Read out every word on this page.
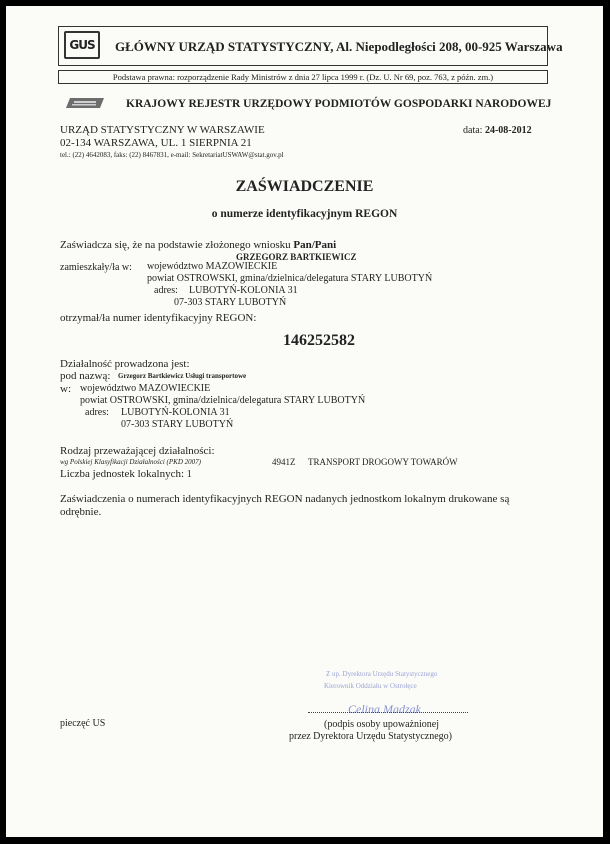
GUS	GŁÓWNY URZĄD STATYSTYCZNY, Al. Niepodległości 208, 00-925 Warszawa
Podstawa prawna: rozporządzenie Rady Ministrów z dnia 27 lipca 1999 r. (Dz. U. Nr 69, poz. 763, z późn. zm.)
KRAJOWY REJESTR URZĘDOWY PODMIOTÓW GOSPODARKI NARODOWEJ
URZĄD STATYSTYCZNY W WARSZAWIE
02-134 WARSZAWA, UL. 1 SIERPNIA 21
tel.: (22) 4642083, faks: (22) 8467831, e-mail: SekretariatUSWAW@stat.gov.pl
data: 24-08-2012
ZAŚWIADCZENIE
o numerze identyfikacyjnym REGON
Zaświadcza się, że na podstawie złożonego wniosku Pan/Pani
GRZEGORZ BARTKIEWICZ
zamieszkały/ła w: województwo MAZOWIECKIE
powiat OSTROWSKI, gmina/dzielnica/delegatura STARY LUBOTYŃ
adres: LUBOTYŃ-KOLONIA 31
07-303 STARY LUBOTYŃ
otrzymał/ła numer identyfikacyjny REGON:
146252582
Działalność prowadzona jest:
pod nazwą: Grzegorz Bartkiewicz Usługi transportowe
w: województwo MAZOWIECKIE
powiat OSTROWSKI, gmina/dzielnica/delegatura STARY LUBOTYŃ
adres: LUBOTYŃ-KOLONIA 31
07-303 STARY LUBOTYŃ
Rodzaj przeważającej działalności:
wg Polskiej Klasyfikacji Działalności (PKD 2007)	4941Z TRANSPORT DROGOWY TOWARÓW
Liczba jednostek lokalnych: 1
Zaświadczenia o numerach identyfikacyjnych REGON nadanych jednostkom lokalnym drukowane są
odrębnie.
pieczęć US
Z up. Dyrektora Urzędu Statystycznego
Kierownik Oddziału w Ostrołęce
Celina Madzak
(podpis osoby upoważnionej
przez Dyrektora Urzędu Statystycznego)
